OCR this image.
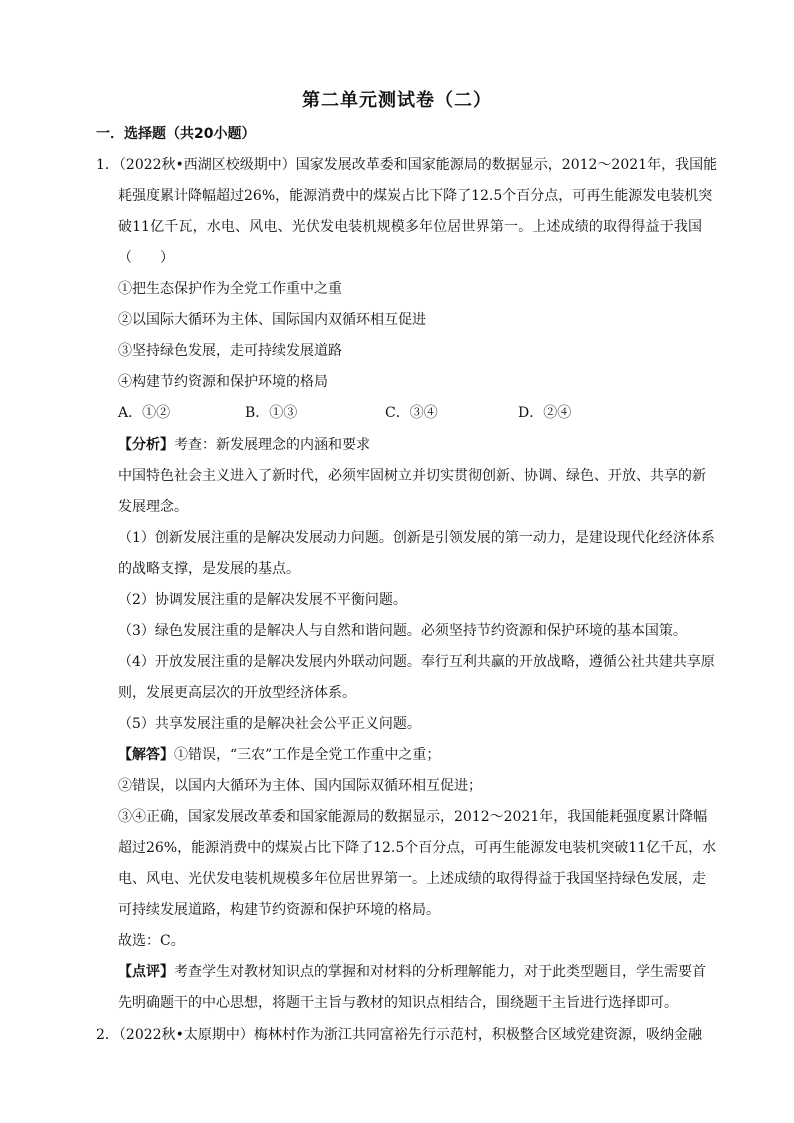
第二单元测试卷（二）
一．选择题（共20小题）
1．（2022秋•西湖区校级期中）国家发展改革委和国家能源局的数据显示，2012～2021年，我国能
耗强度累计降幅超过26%，能源消费中的煤炭占比下降了12.5个百分点，可再生能源发电装机突
破11亿千瓦，水电、风电、光伏发电装机规模多年位居世界第一。上述成绩的取得得益于我国
（　　）
①把生态保护作为全党工作重中之重
②以国际大循环为主体、国际国内双循环相互促进
③坚持绿色发展，走可持续发展道路
④构建节约资源和保护环境的格局
A．①②	B．①③	C．③④	D．②④
【分析】考查：新发展理念的内涵和要求
中国特色社会主义进入了新时代，必须牢固树立并切实贯彻创新、协调、绿色、开放、共享的新
发展理念。
（1）创新发展注重的是解决发展动力问题。创新是引领发展的第一动力，是建设现代化经济体系
的战略支撑，是发展的基点。
（2）协调发展注重的是解决发展不平衡问题。
（3）绿色发展注重的是解决人与自然和谐问题。必须坚持节约资源和保护环境的基本国策。
（4）开放发展注重的是解决发展内外联动问题。奉行互利共赢的开放战略，遵循公社共建共享原
则，发展更高层次的开放型经济体系。
（5）共享发展注重的是解决社会公平正义问题。
【解答】①错误，“三农”工作是全党工作重中之重；
②错误，以国内大循环为主体、国内国际双循环相互促进；
③④正确，国家发展改革委和国家能源局的数据显示，2012～2021年，我国能耗强度累计降幅
超过26%，能源消费中的煤炭占比下降了12.5个百分点，可再生能源发电装机突破11亿千瓦，水
电、风电、光伏发电装机规模多年位居世界第一。上述成绩的取得得益于我国坚持绿色发展，走
可持续发展道路，构建节约资源和保护环境的格局。
故选：C。
【点评】考查学生对教材知识点的掌握和对材料的分析理解能力，对于此类型题目，学生需要首
先明确题干的中心思想，将题干主旨与教材的知识点相结合，围绕题干主旨进行选择即可。
2．（2022秋•太原期中）梅林村作为浙江共同富裕先行示范村，积极整合区域党建资源，吸纳金融
